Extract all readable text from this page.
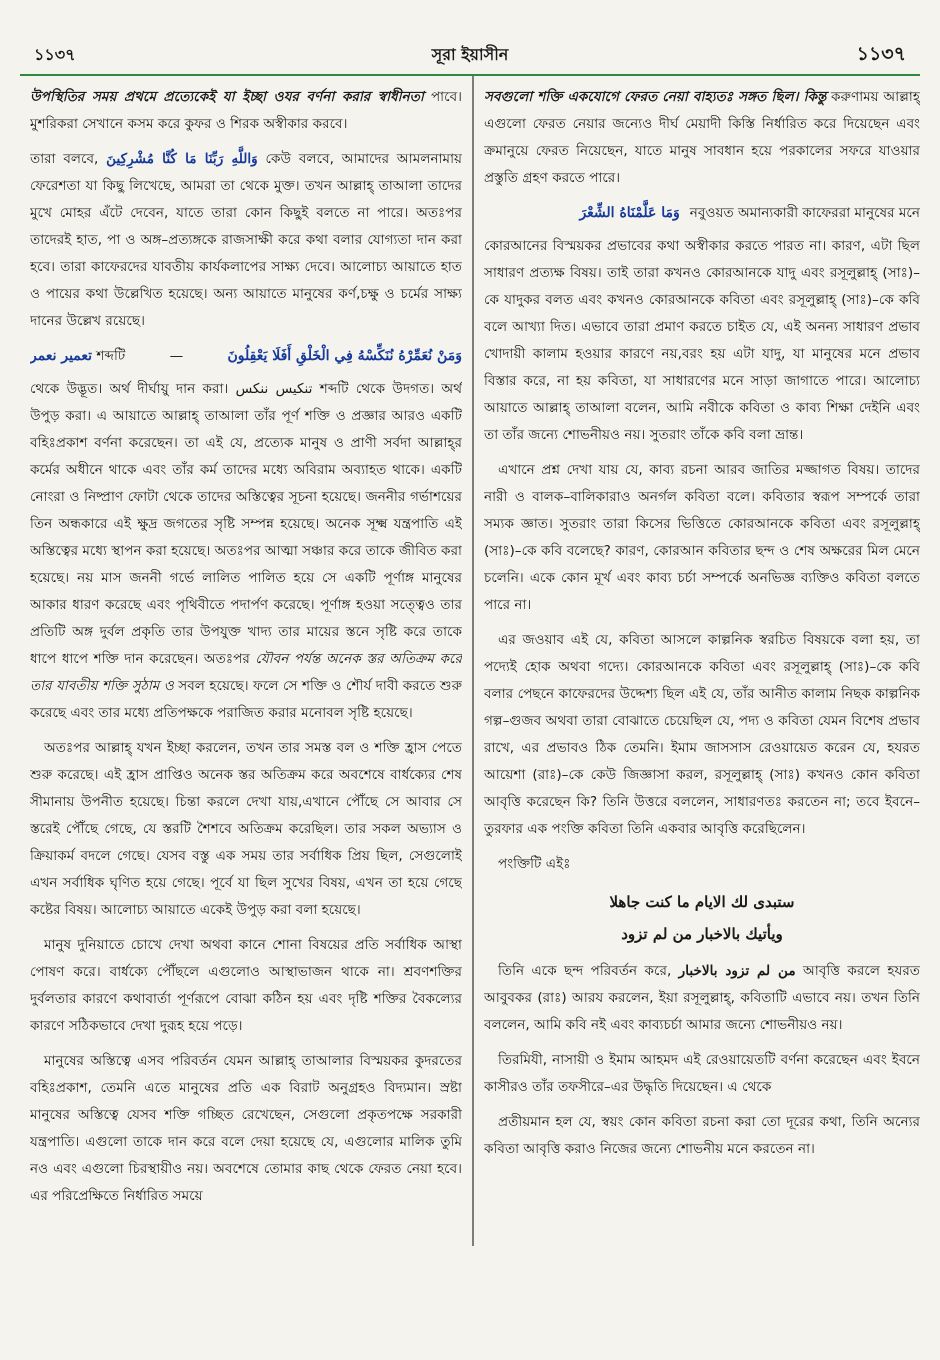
১১৩৭	সূরা ইয়াসীন	১১৩৭

উপস্থিতির সময় প্রথমে প্রত্যেকেই যা ইচ্ছা ওযর বর্ণনা করার স্বাধীনতা পাবে। মুশরিকরা সেখানে কসম করে কুফর ও শিরক অস্বীকার করবে।

তারা বলবে, وَاللَّهِ رَبِّنَا مَا كُنَّا مُشْرِكِينَ কেউ বলবে, আমাদের আমলনামায় ফেরেশতা যা কিছু লিখেছে, আমরা তা থেকে মুক্ত। তখন আল্লাহ্ তাআলা তাদের মুখে মোহর এঁটে দেবেন, যাতে তারা কোন কিছুই বলতে না পারে। অতঃপর তাদেরই হাত, পা ও অঙ্গ–প্রত্যঙ্গকে রাজসাক্ষী করে কথা বলার যোগ্যতা দান করা হবে। তারা কাফেরদের যাবতীয় কার্যকলাপের সাক্ষ্য দেবে। আলোচ্য আয়াতে হাত ও পায়ের কথা উল্লেখিত হয়েছে। অন্য আয়াতে মানুষের কর্ণ,চক্ষু ও চর্মের সাক্ষ্য দানের উল্লেখ রয়েছে।

تعمير نعمر শব্দটি	—	وَمَنْ نُعَمِّرْهُ نُنَكِّسْهُ فِي الْخَلْقِ أَفَلَا يَعْقِلُونَ

থেকে উদ্ভূত। অর্থ দীর্ঘায়ু দান করা। تنكيس ننكس শব্দটি থেকে উদগত। অর্থ উপুড় করা। এ আয়াতে আল্লাহ্ তাআলা তাঁর পূর্ণ শক্তি ও প্রজ্ঞার আরও একটি বহিঃপ্রকাশ বর্ণনা করেছেন। তা এই যে, প্রত্যেক মানুষ ও প্রাণী সর্বদা আল্লাহ্‌র কর্মের অধীনে থাকে এবং তাঁর কর্ম তাদের মধ্যে অবিরাম অব্যাহত থাকে। একটি নোংরা ও নিষ্প্রাণ ফোটা থেকে তাদের অস্তিত্বের সূচনা হয়েছে। জননীর গর্ভাশয়ের তিন অন্ধকারে এই ক্ষুদ্র জগতের সৃষ্টি সম্পন্ন হয়েছে। অনেক সূক্ষ্ম যন্ত্রপাতি এই অস্তিত্বের মধ্যে স্থাপন করা হয়েছে। অতঃপর আত্মা সঞ্চার করে তাকে জীবিত করা হয়েছে। নয় মাস জননী গর্ভে লালিত পালিত হয়ে সে একটি পূর্ণাঙ্গ মানুষের আকার ধারণ করেছে এবং পৃথিবীতে পদার্পণ করেছে। পূর্ণাঙ্গ হওয়া সত্ত্বেও তার প্রতিটি অঙ্গ দুর্বল প্রকৃতি তার উপযুক্ত খাদ্য তার মায়ের স্তনে সৃষ্টি করে তাকে ধাপে ধাপে শক্তি দান করেছেন। অতঃপর যৌবন পর্যন্ত অনেক স্তর অতিক্রম করে তার যাবতীয় শক্তি সুঠাম ও সবল হয়েছে। ফলে সে শক্তি ও শৌর্য দাবী করতে শুরু করেছে এবং তার মধ্যে প্রতিপক্ষকে পরাজিত করার মনোবল সৃষ্টি হয়েছে।

অতঃপর আল্লাহ্ যখন ইচ্ছা করলেন, তখন তার সমস্ত বল ও শক্তি হ্রাস পেতে শুরু করেছে। এই হ্রাস প্রাপ্তিও অনেক স্তর অতিক্রম করে অবশেষে বার্ধক্যের শেষ সীমানায় উপনীত হয়েছে। চিন্তা করলে দেখা যায়,এখানে পৌঁছে সে আবার সে স্তরেই পৌঁছে গেছে, যে স্তরটি শৈশবে অতিক্রম করেছিল। তার সকল অভ্যাস ও ক্রিয়াকর্ম বদলে গেছে। যেসব বস্তু এক সময় তার সর্বাধিক প্রিয় ছিল, সেগুলোই এখন সর্বাধিক ঘৃণিত হয়ে গেছে। পূর্বে যা ছিল সুখের বিষয়, এখন তা হয়ে গেছে কষ্টের বিষয়। আলোচ্য আয়াতে একেই উপুড় করা বলা হয়েছে।

মানুষ দুনিয়াতে চোখে দেখা অথবা কানে শোনা বিষয়ের প্রতি সর্বাধিক আস্থা পোষণ করে। বার্ধক্যে পৌঁছলে এগুলোও আস্থাভাজন থাকে না। শ্রবণশক্তির দুর্বলতার কারণে কথাবার্তা পূর্ণরূপে বোঝা কঠিন হয় এবং দৃষ্টি শক্তির বৈকল্যের কারণে সঠিকভাবে দেখা দুরূহ হয়ে পড়ে।

মানুষের অস্তিত্বে এসব পরিবর্তন যেমন আল্লাহ্ তাআলার বিস্ময়কর কুদরতের বহিঃপ্রকাশ, তেমনি এতে মানুষের প্রতি এক বিরাট অনুগ্রহও বিদ্যমান। স্রষ্টা মানুষের অস্তিত্বে যেসব শক্তি গচ্ছিত রেখেছেন, সেগুলো প্রকৃতপক্ষে সরকারী যন্ত্রপাতি। এগুলো তাকে দান করে বলে দেয়া হয়েছে যে, এগুলোর মালিক তুমি নও এবং এগুলো চিরস্থায়ীও নয়। অবশেষে তোমার কাছ থেকে ফেরত নেয়া হবে। এর পরিপ্রেক্ষিতে নির্ধারিত সময়ে

সবগুলো শক্তি একযোগে ফেরত নেয়া বাহ্যতঃ সঙ্গত ছিল। কিন্তু করুণাময় আল্লাহ্ এগুলো ফেরত নেয়ার জন্যেও দীর্ঘ মেয়াদী কিস্তি নির্ধারিত করে দিয়েছেন এবং ক্রমানুয়ে ফেরত নিয়েছেন, যাতে মানুষ সাবধান হয়ে পরকালের সফরে যাওয়ার প্রস্তুতি গ্রহণ করতে পারে।

وَمَا عَلَّمْنَاهُ الشِّعْرَ নবুওয়ত অমান্যকারী কাফেররা মানুষের মনে

কোরআনের বিস্ময়কর প্রভাবের কথা অস্বীকার করতে পারত না। কারণ, এটা ছিল সাধারণ প্রত্যক্ষ বিষয়। তাই তারা কখনও কোরআনকে যাদু এবং রসূলুল্লাহ্ (সাঃ)–কে যাদুকর বলত এবং কখনও কোরআনকে কবিতা এবং রসূলুল্লাহ্ (সাঃ)–কে কবি বলে আখ্যা দিত। এভাবে তারা প্রমাণ করতে চাইত যে, এই অনন্য সাধারণ প্রভাব খোদায়ী কালাম হওয়ার কারণে নয়,বরং হয় এটা যাদু, যা মানুষের মনে প্রভাব বিস্তার করে, না হয় কবিতা, যা সাধারণের মনে সাড়া জাগাতে পারে। আলোচ্য আয়াতে আল্লাহ্ তাআলা বলেন, আমি নবীকে কবিতা ও কাব্য শিক্ষা দেইনি এবং তা তাঁর জন্যে শোভনীয়ও নয়। সুতরাং তাঁকে কবি বলা ভ্রান্ত।

এখানে প্রশ্ন দেখা যায় যে, কাব্য রচনা আরব জাতির মজ্জাগত বিষয়। তাদের নারী ও বালক–বালিকারাও অনর্গল কবিতা বলে। কবিতার স্বরূপ সম্পর্কে তারা সম্যক জ্ঞাত। সুতরাং তারা কিসের ভিত্তিতে কোরআনকে কবিতা এবং রসূলুল্লাহ্ (সাঃ)–কে কবি বলেছে? কারণ, কোরআন কবিতার ছন্দ ও শেষ অক্ষরের মিল মেনে চলেনি। একে কোন মূর্খ এবং কাব্য চর্চা সম্পর্কে অনভিজ্ঞ ব্যক্তিও কবিতা বলতে পারে না।

এর জওয়াব এই যে, কবিতা আসলে কাল্পনিক স্বরচিত বিষয়কে বলা হয়, তা পদ্যেই হোক অথবা গদ্যে। কোরআনকে কবিতা এবং রসূলুল্লাহ্ (সাঃ)–কে কবি বলার পেছনে কাফেরদের উদ্দেশ্য ছিল এই যে, তাঁর আনীত কালাম নিছক কাল্পনিক গল্প–গুজব অথবা তারা বোঝাতে চেয়েছিল যে, পদ্য ও কবিতা যেমন বিশেষ প্রভাব রাখে, এর প্রভাবও ঠিক তেমনি। ইমাম জাসসাস রেওয়ায়েত করেন যে, হযরত আয়েশা (রাঃ)–কে কেউ জিজ্ঞাসা করল, রসূলুল্লাহ্ (সাঃ) কখনও কোন কবিতা আবৃত্তি করেছেন কি? তিনি উত্তরে বললেন, সাধারণতঃ করতেন না; তবে ইবনে–তুরফার এক পংক্তি কবিতা তিনি একবার আবৃত্তি করেছিলেন।

পংক্তিটি এইঃ

ستبدى لك الايام ما كنت جاهلا
ويأتيك بالاخبار من لم تزود

তিনি একে ছন্দ পরিবর্তন করে, من لم تزود بالاخبار আবৃত্তি করলে হযরত আবুবকর (রাঃ) আরয করলেন, ইয়া রসূলুল্লাহ্, কবিতাটি এভাবে নয়। তখন তিনি বললেন, আমি কবি নই এবং কাব্যচর্চা আমার জন্যে শোভনীয়ও নয়।

তিরমিযী, নাসায়ী ও ইমাম আহমদ এই রেওয়ায়েতটি বর্ণনা করেছেন এবং ইবনে কাসীরও তাঁর তফসীরে–এর উদ্ধৃতি দিয়েছেন। এ থেকে

প্রতীয়মান হল যে, স্বয়ং কোন কবিতা রচনা করা তো দূরের কথা, তিনি অন্যের কবিতা আবৃত্তি করাও নিজের জন্যে শোভনীয় মনে করতেন না।
